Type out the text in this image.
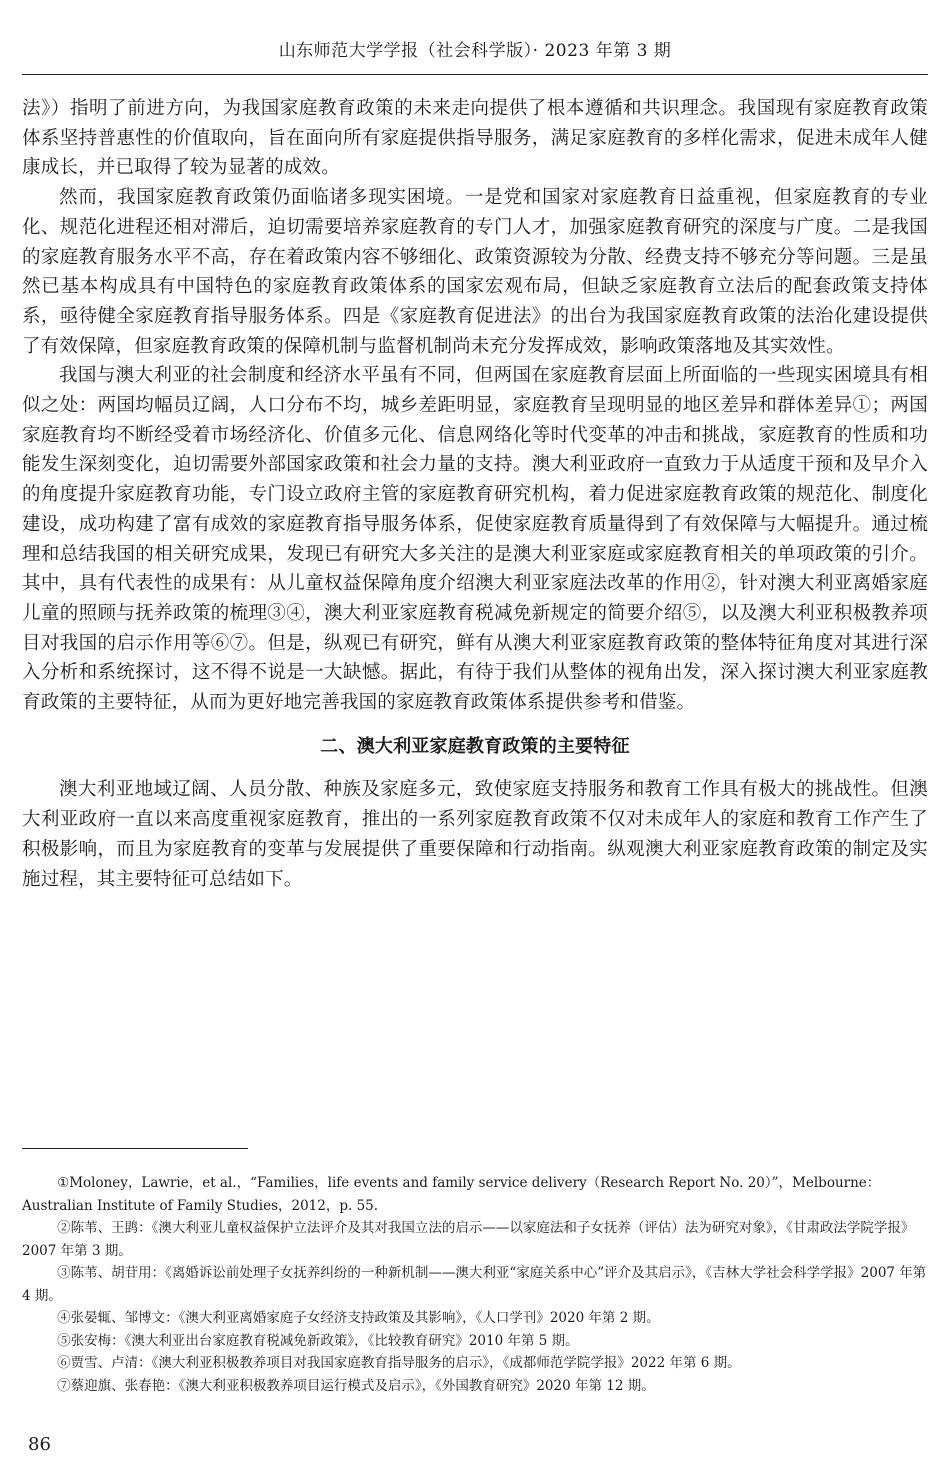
山东师范大学学报（社会科学版）· 2023 年第 3 期

法》）指明了前进方向，为我国家庭教育政策的未来走向提供了根本遵循和共识理念。我国现有家庭教育政策体系坚持普惠性的价值取向，旨在面向所有家庭提供指导服务，满足家庭教育的多样化需求，促进未成年人健康成长，并已取得了较为显著的成效。

然而，我国家庭教育政策仍面临诸多现实困境。一是党和国家对家庭教育日益重视，但家庭教育的专业化、规范化进程还相对滞后，迫切需要培养家庭教育的专门人才，加强家庭教育研究的深度与广度。二是我国的家庭教育服务水平不高，存在着政策内容不够细化、政策资源较为分散、经费支持不够充分等问题。三是虽然已基本构成具有中国特色的家庭教育政策体系的国家宏观布局，但缺乏家庭教育立法后的配套政策支持体系，亟待健全家庭教育指导服务体系。四是《家庭教育促进法》的出台为我国家庭教育政策的法治化建设提供了有效保障，但家庭教育政策的保障机制与监督机制尚未充分发挥成效，影响政策落地及其实效性。

我国与澳大利亚的社会制度和经济水平虽有不同，但两国在家庭教育层面上所面临的一些现实困境具有相似之处：两国均幅员辽阔，人口分布不均，城乡差距明显，家庭教育呈现明显的地区差异和群体差异①；两国家庭教育均不断经受着市场经济化、价值多元化、信息网络化等时代变革的冲击和挑战，家庭教育的性质和功能发生深刻变化，迫切需要外部国家政策和社会力量的支持。澳大利亚政府一直致力于从适度干预和及早介入的角度提升家庭教育功能，专门设立政府主管的家庭教育研究机构，着力促进家庭教育政策的规范化、制度化建设，成功构建了富有成效的家庭教育指导服务体系，促使家庭教育质量得到了有效保障与大幅提升。通过梳理和总结我国的相关研究成果，发现已有研究大多关注的是澳大利亚家庭或家庭教育相关的单项政策的引介。其中，具有代表性的成果有：从儿童权益保障角度介绍澳大利亚家庭法改革的作用②，针对澳大利亚离婚家庭儿童的照顾与抚养政策的梳理③④，澳大利亚家庭教育税减免新规定的简要介绍⑤，以及澳大利亚积极教养项目对我国的启示作用等⑥⑦。但是，纵观已有研究，鲜有从澳大利亚家庭教育政策的整体特征角度对其进行深入分析和系统探讨，这不得不说是一大缺憾。据此，有待于我们从整体的视角出发，深入探讨澳大利亚家庭教育政策的主要特征，从而为更好地完善我国的家庭教育政策体系提供参考和借鉴。

二、澳大利亚家庭教育政策的主要特征

澳大利亚地域辽阔、人员分散、种族及家庭多元，致使家庭支持服务和教育工作具有极大的挑战性。但澳大利亚政府一直以来高度重视家庭教育，推出的一系列家庭教育政策不仅对未成年人的家庭和教育工作产生了积极影响，而且为家庭教育的变革与发展提供了重要保障和行动指南。纵观澳大利亚家庭教育政策的制定及实施过程，其主要特征可总结如下。

①Moloney，Lawrie，et al.，“Families，life events and family service delivery（Research Report No. 20）”，Melbourne：Australian Institute of Family Studies，2012，p. 55.

②陈苇、王鹍：《澳大利亚儿童权益保护立法评介及其对我国立法的启示——以家庭法和子女抚养（评估）法为研究对象》，《甘肃政法学院学报》2007 年第 3 期。

③陈苇、胡苷用：《离婚诉讼前处理子女抚养纠纷的一种新机制——澳大利亚“家庭关系中心”评介及其启示》，《吉林大学社会科学学报》2007 年第 4 期。

④张晏辄、邹博文：《澳大利亚离婚家庭子女经济支持政策及其影响》，《人口学刊》2020 年第 2 期。

⑤张安梅：《澳大利亚出台家庭教育税减免新政策》，《比较教育研究》2010 年第 5 期。

⑥贾雪、卢清：《澳大利亚积极教养项目对我国家庭教育指导服务的启示》，《成都师范学院学报》2022 年第 6 期。

⑦蔡迎旗、张春艳：《澳大利亚积极教养项目运行模式及启示》，《外国教育研究》2020 年第 12 期。

86
